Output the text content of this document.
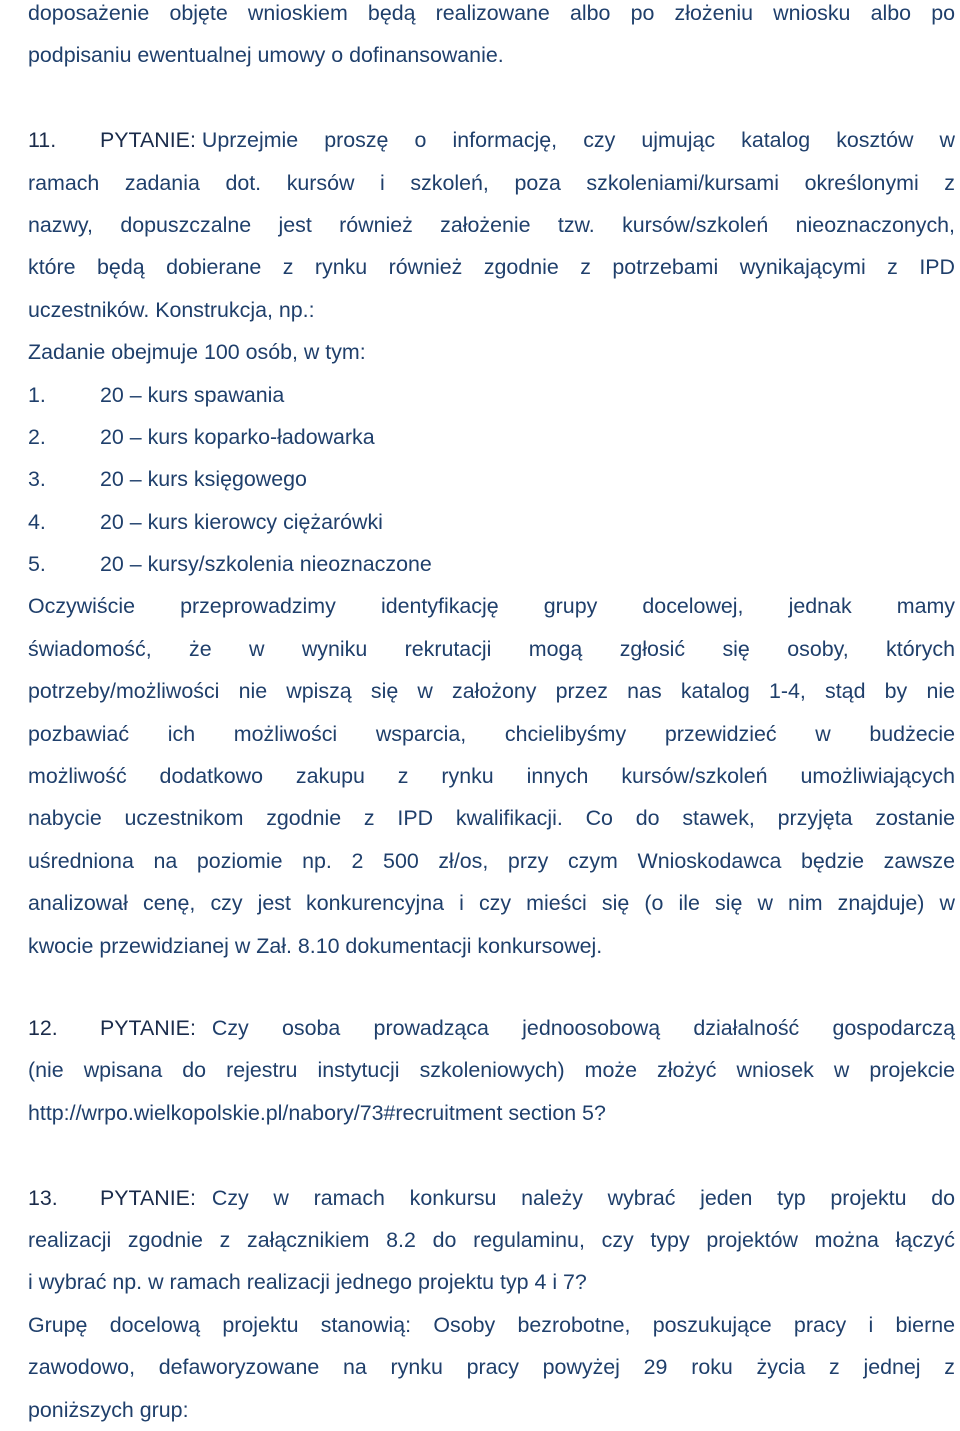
doposażenie objęte wnioskiem będą realizowane albo po złożeniu wniosku albo po
podpisaniu ewentualnej umowy o dofinansowanie.
11.	PYTANIE: Uprzejmie proszę o informację, czy ujmując katalog kosztów w
ramach zadania dot. kursów i szkoleń, poza szkoleniami/kursami określonymi z
nazwy, dopuszczalne jest również założenie tzw. kursów/szkoleń nieoznaczonych,
które będą dobierane z rynku również zgodnie z potrzebami wynikającymi z IPD
uczestników. Konstrukcja, np.:
Zadanie obejmuje 100 osób, w tym:
1.	20 – kurs spawania
2.	20 – kurs koparko-ładowarka
3.	20 – kurs księgowego
4.	20 – kurs kierowcy ciężarówki
5.	20 – kursy/szkolenia nieoznaczone
Oczywiście przeprowadzimy identyfikację grupy docelowej, jednak mamy
świadomość, że w wyniku rekrutacji mogą zgłosić się osoby, których
potrzeby/możliwości nie wpiszą się w założony przez nas katalog 1-4, stąd by nie
pozbawiać ich możliwości wsparcia, chcielibyśmy przewidzieć w budżecie
możliwość dodatkowo zakupu z rynku innych kursów/szkoleń umożliwiających
nabycie uczestnikom zgodnie z IPD kwalifikacji. Co do stawek, przyjęta zostanie
uśredniona na poziomie np. 2 500 zł/os, przy czym Wnioskodawca będzie zawsze
analizował cenę, czy jest konkurencyjna i czy mieści się (o ile się w nim znajduje) w
kwocie przewidzianej w Zał. 8.10 dokumentacji konkursowej.
12.	PYTANIE: Czy osoba prowadząca jednoosobową działalność gospodarczą
(nie wpisana do rejestru instytucji szkoleniowych) może złożyć wniosek w projekcie
http://wrpo.wielkopolskie.pl/nabory/73#recruitment section 5?
13.	PYTANIE: Czy w ramach konkursu należy wybrać jeden typ projektu do
realizacji zgodnie z załącznikiem 8.2 do regulaminu, czy typy projektów można łączyć
i wybrać np. w ramach realizacji jednego projektu typ 4 i 7?
Grupę docelową projektu stanowią: Osoby bezrobotne, poszukujące pracy i bierne
zawodowo, defaworyzowane na rynku pracy powyżej 29 roku życia z jednej z
poniższych grup:
